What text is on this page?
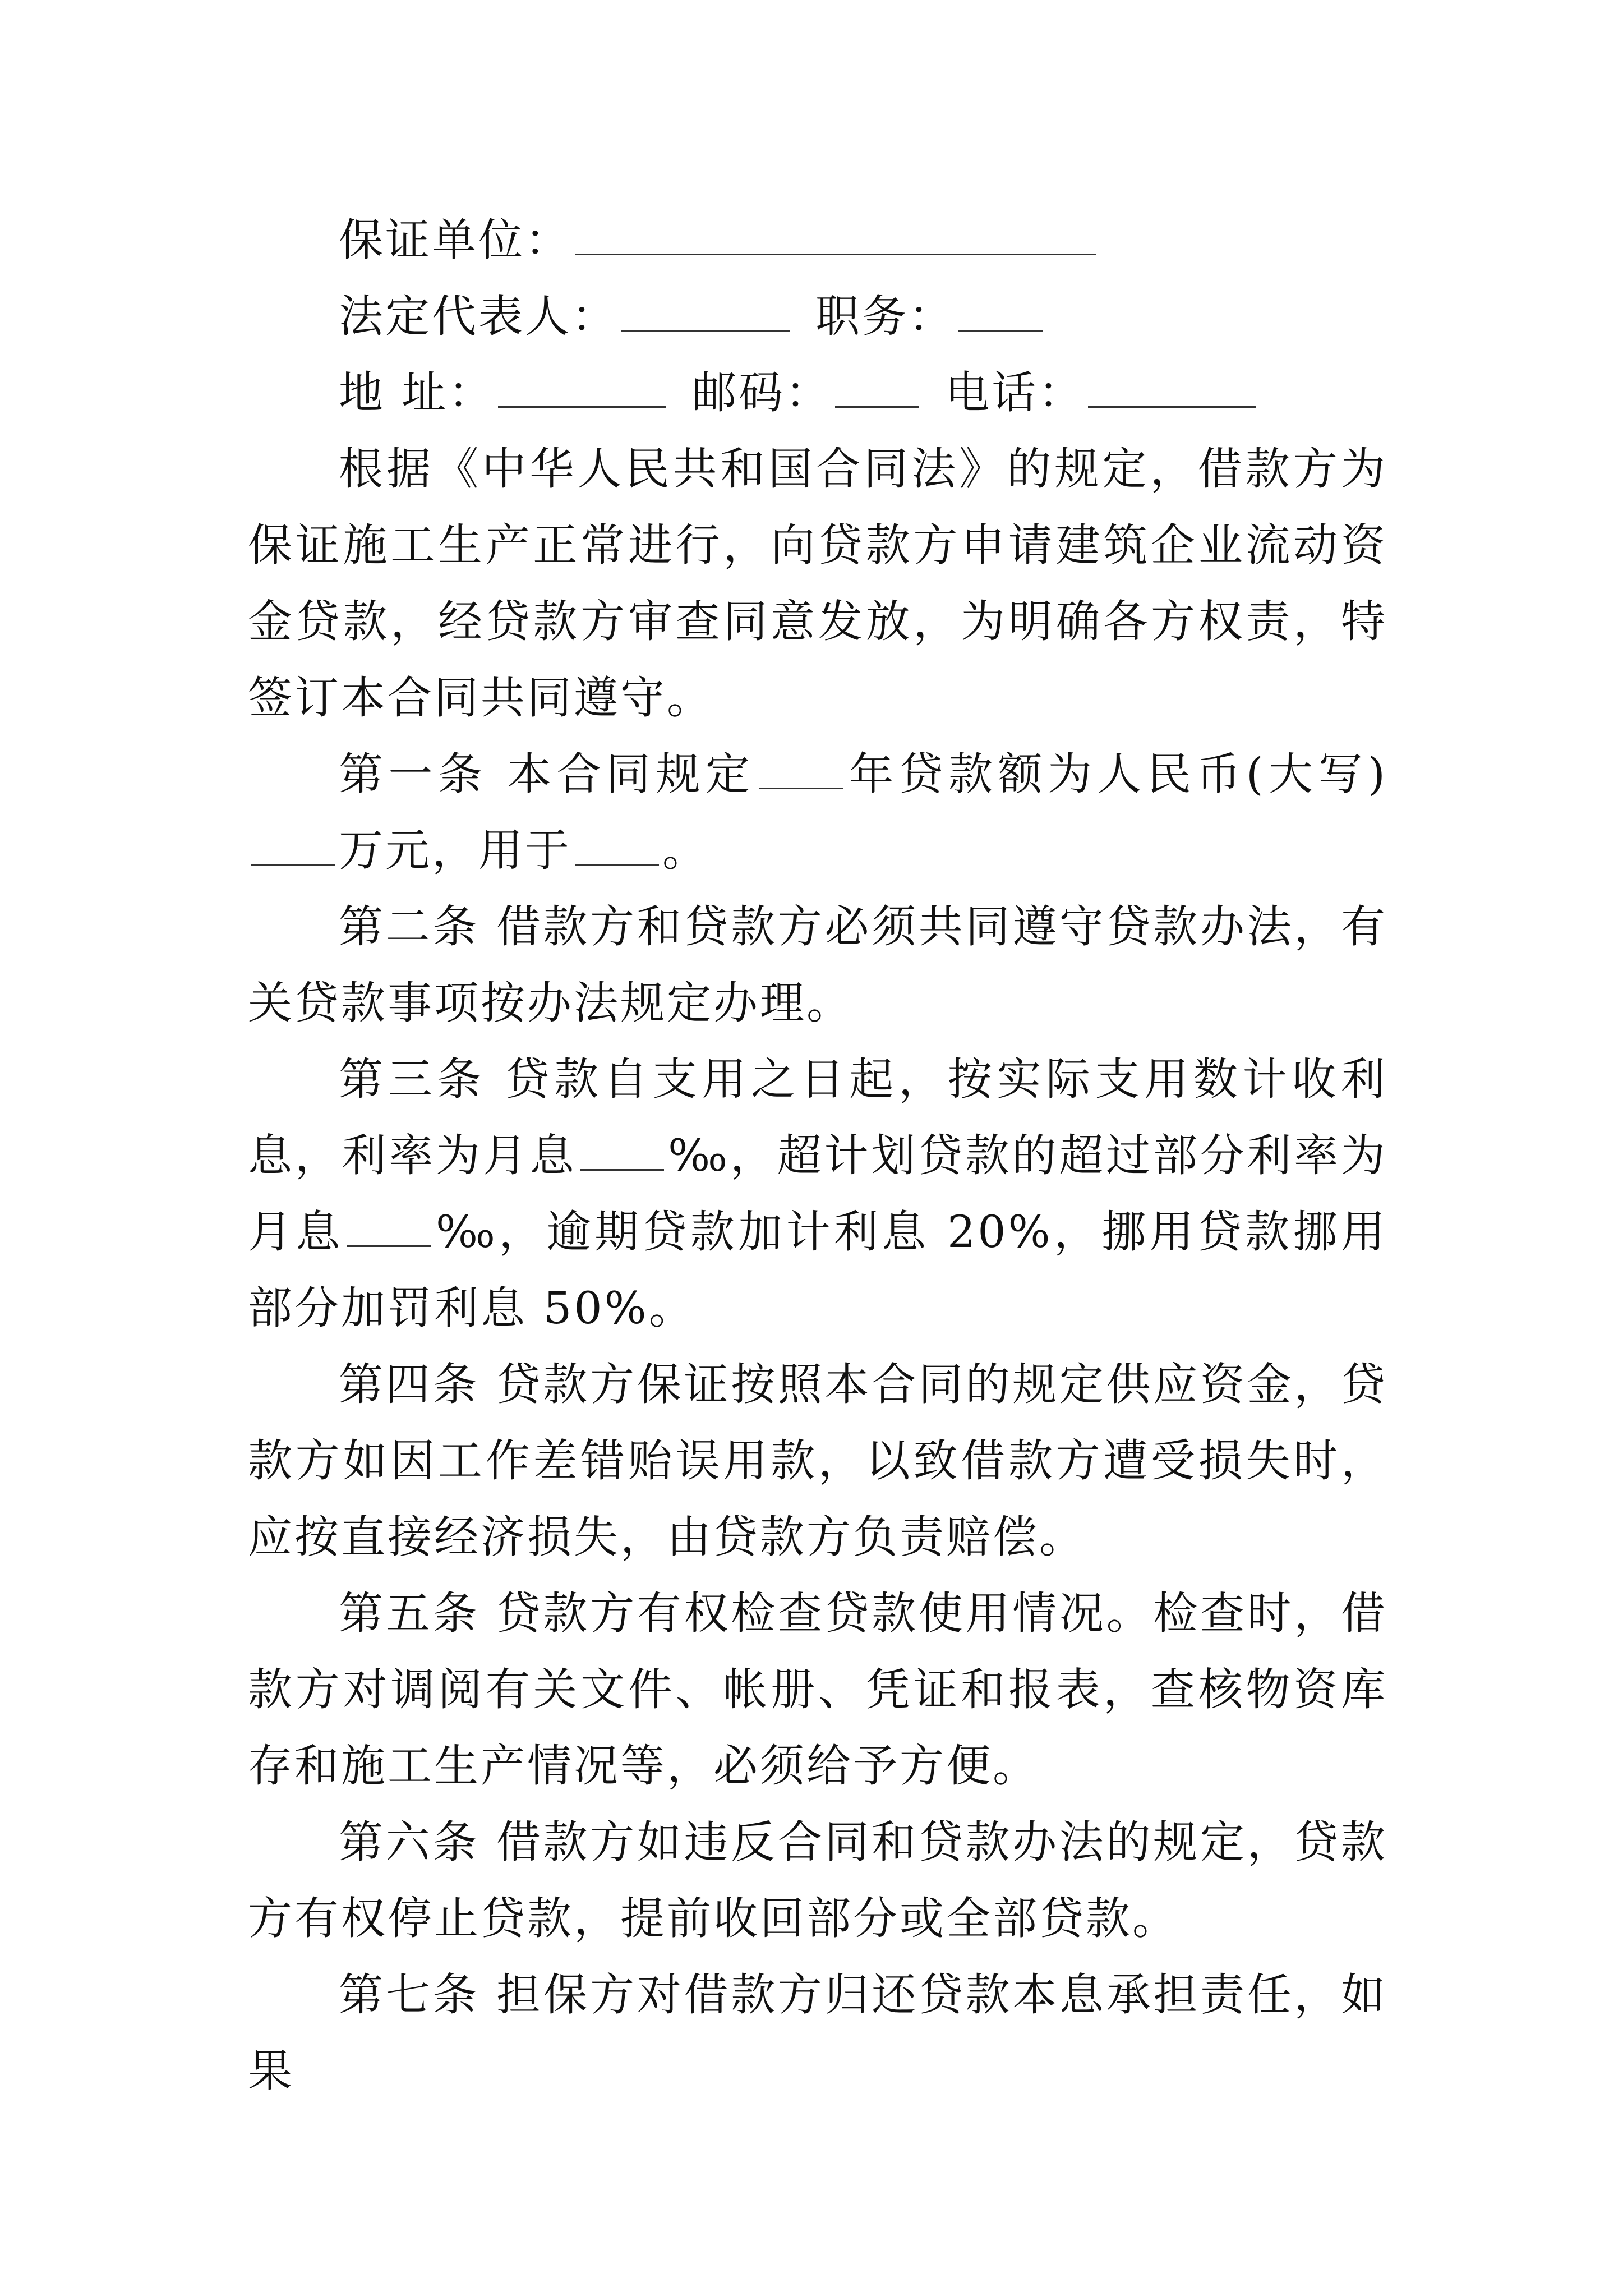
保证单位：

法定代表人：	职务：

地 址：	邮码：	电话：

根据《中华人民共和国合同法》的规定，借款方为保证施工生产正常进行，向贷款方申请建筑企业流动资金贷款，经贷款方审查同意发放，为明确各方权责，特签订本合同共同遵守。

第一条 本合同规定 年贷款额为人民币(大写)万元，用于 。

第二条 借款方和贷款方必须共同遵守贷款办法，有关贷款事项按办法规定办理。

第三条 贷款自支用之日起，按实际支用数计收利息，利率为月息 ‰，超计划贷款的超过部分利率为月息 ‰，逾期贷款加计利息 20%，挪用贷款挪用部分加罚利息 50%。

第四条 贷款方保证按照本合同的规定供应资金，贷款方如因工作差错贻误用款，以致借款方遭受损失时，应按直接经济损失，由贷款方负责赔偿。

第五条 贷款方有权检查贷款使用情况。检查时，借款方对调阅有关文件、帐册、凭证和报表，查核物资库存和施工生产情况等，必须给予方便。

第六条 借款方如违反合同和贷款办法的规定，贷款方有权停止贷款，提前收回部分或全部贷款。

第七条 担保方对借款方归还贷款本息承担责任，如果
